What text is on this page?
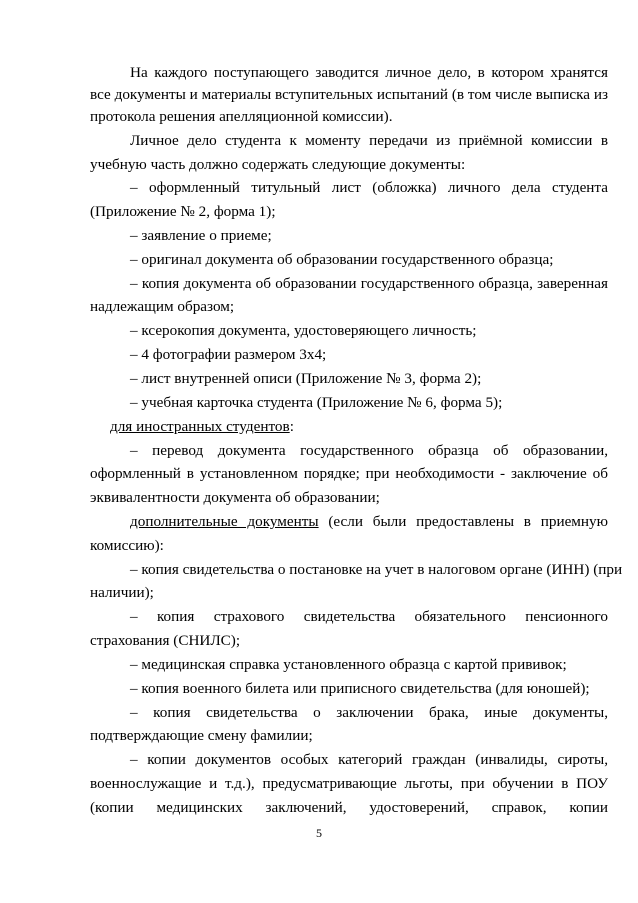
На каждого поступающего заводится личное дело, в котором хранятся
все документы и материалы вступительных испытаний (в том числе выписка из
протокола решения апелляционной комиссии).
Личное дело студента к моменту передачи из приёмной комиссии в
учебную часть должно содержать следующие документы:
– оформленный титульный лист (обложка) личного дела студента
(Приложение № 2, форма 1);
– заявление о приеме;
– оригинал документа об образовании государственного образца;
– копия документа об образовании государственного образца, заверенная
надлежащим образом;
– ксерокопия документа, удостоверяющего личность;
– 4 фотографии размером 3х4;
– лист внутренней описи (Приложение № 3, форма 2);
– учебная карточка студента (Приложение № 6, форма 5);
для иностранных студентов:
– перевод документа государственного образца об образовании,
оформленный в установленном порядке; при необходимости - заключение об
эквивалентности документа об образовании;
дополнительные документы (если были предоставлены в приемную
комиссию):
– копия свидетельства о постановке на учет в налоговом органе (ИНН) (при
наличии);
– копия страхового свидетельства обязательного пенсионного
страхования (СНИЛС);
– медицинская справка установленного образца с картой прививок;
– копия военного билета или приписного свидетельства (для юношей);
– копия свидетельства о заключении брака, иные документы,
подтверждающие смену фамилии;
– копии документов особых категорий граждан (инвалиды, сироты,
военнослужащие и т.д.), предусматривающие льготы, при обучении в ПОУ
(копии медицинских заключений, удостоверений, справок, копии
5
